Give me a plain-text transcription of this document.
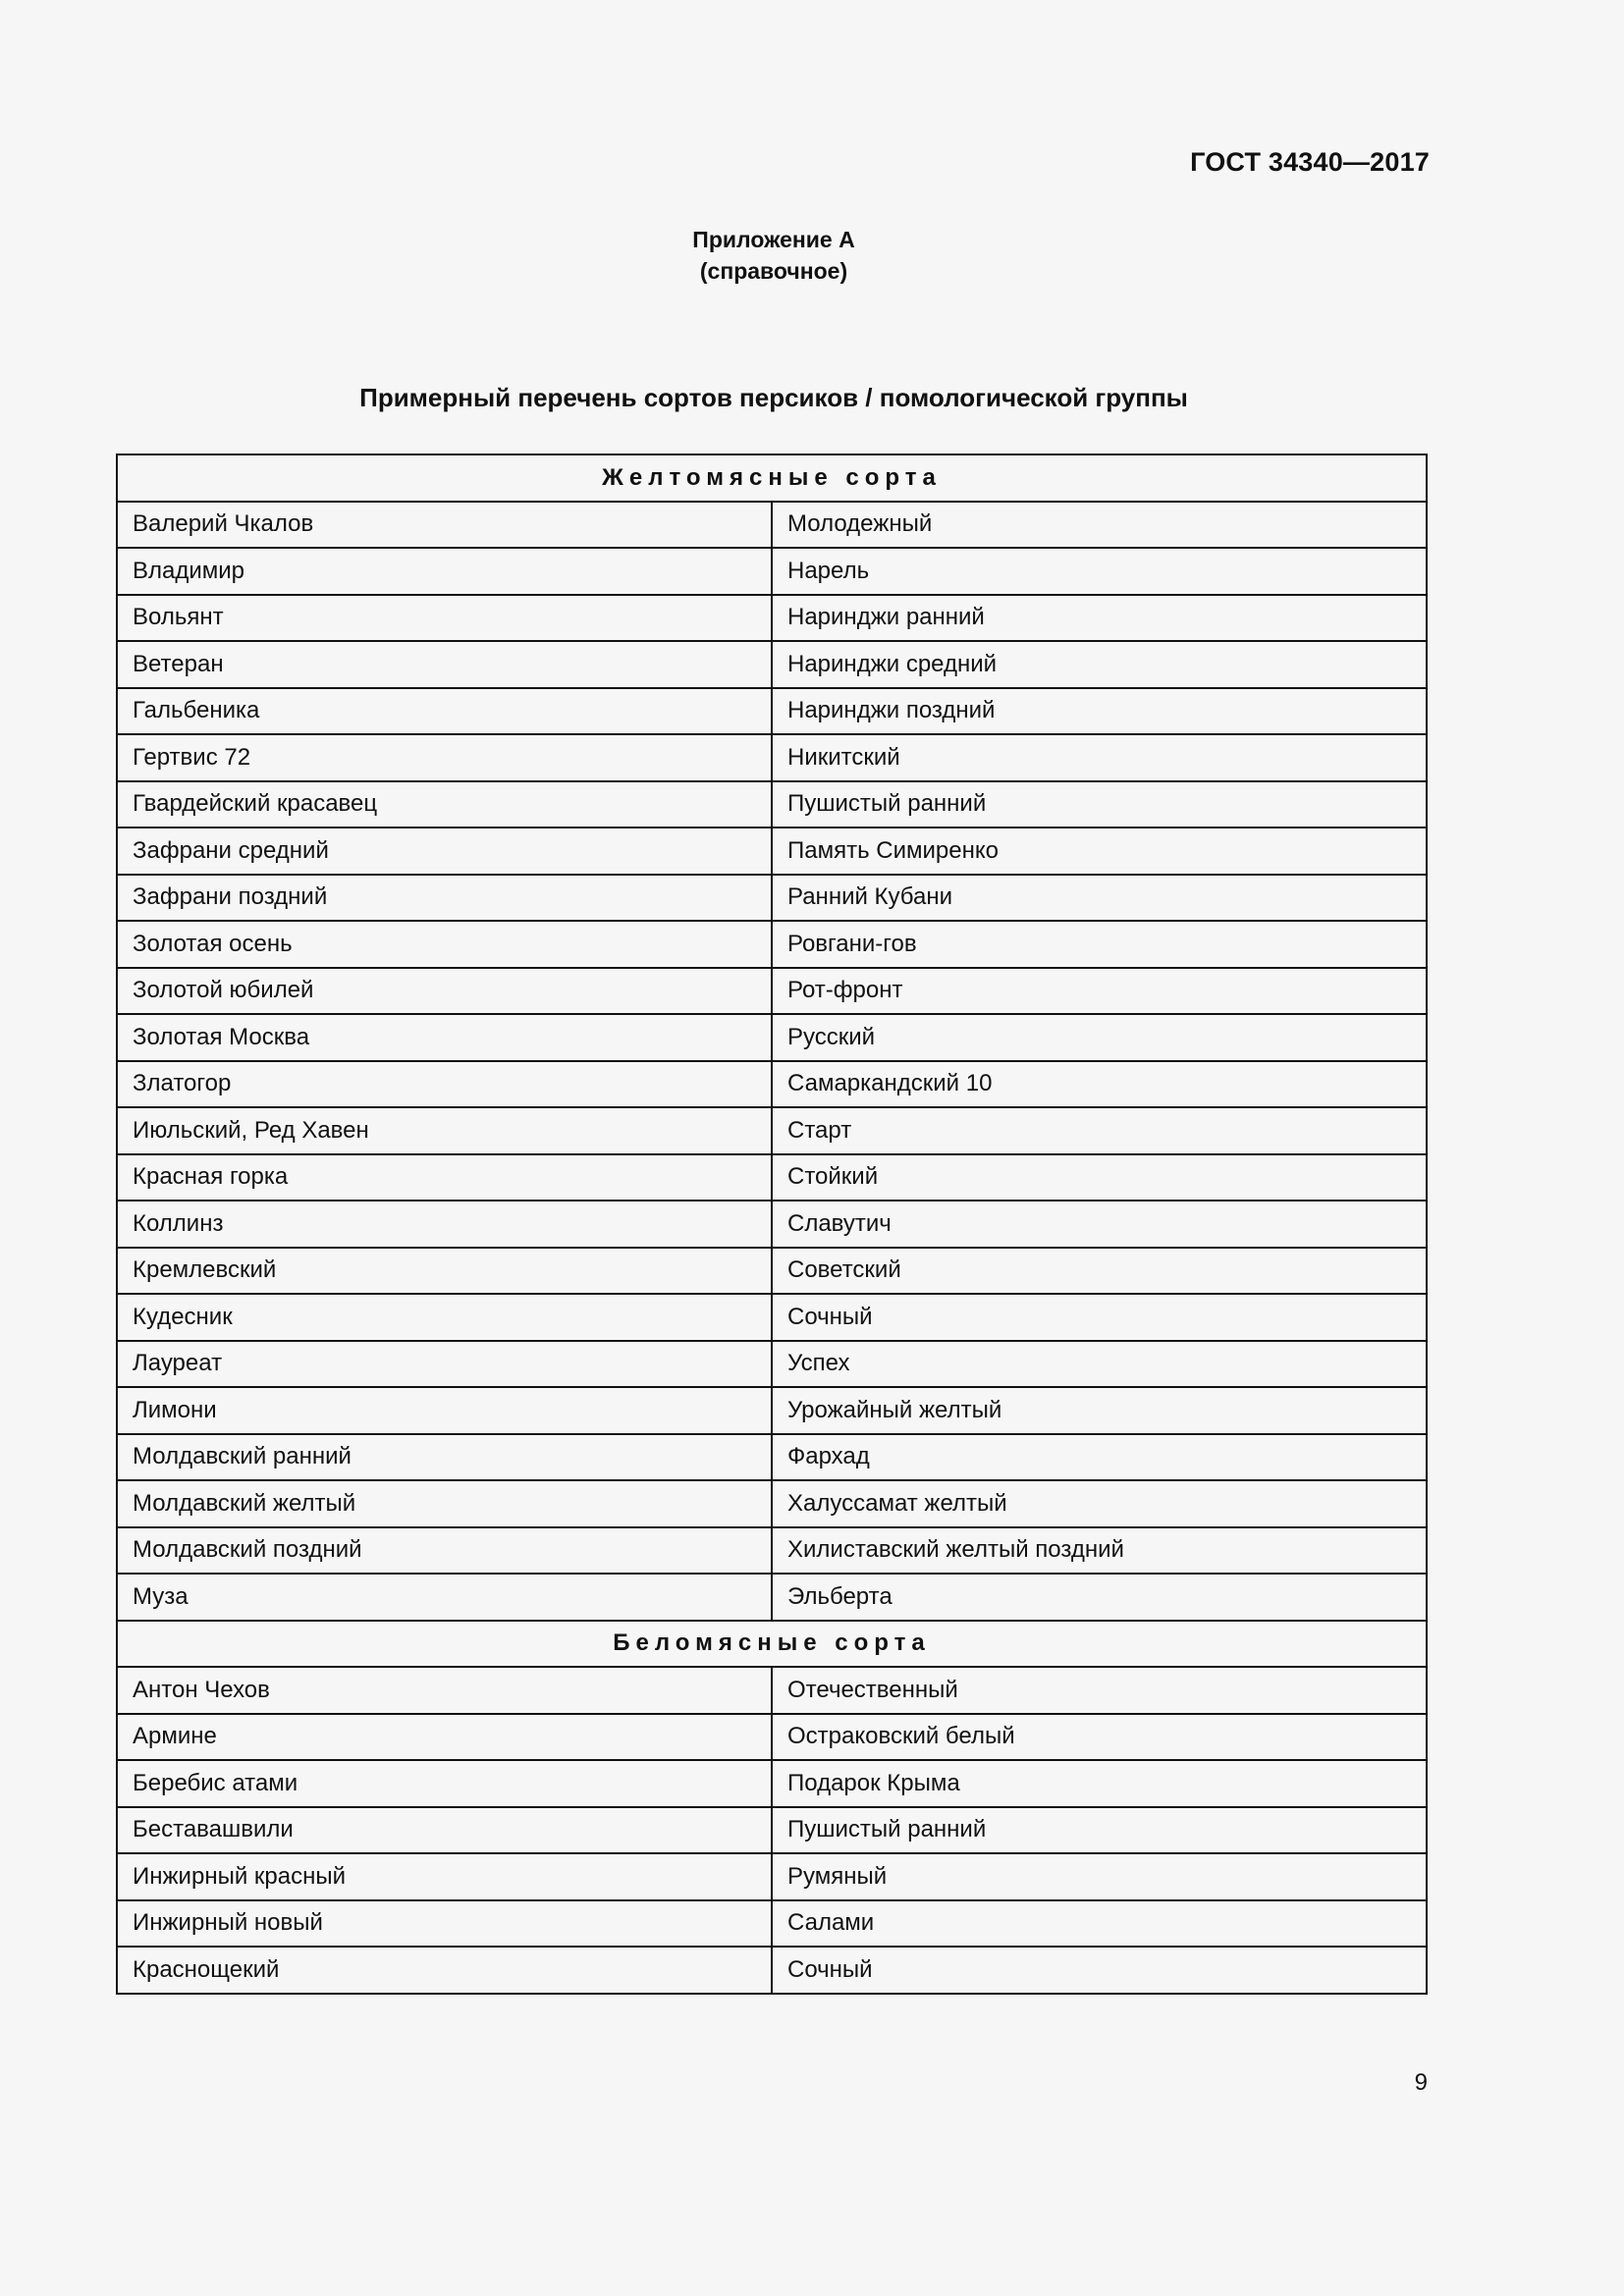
ГОСТ 34340—2017
Приложение А
(справочное)
Примерный перечень сортов персиков / помологической группы
Желтомясные сорта	
Валерий Чкалов	Молодежный
Владимир	Нарель
Вольянт	Наринджи ранний
Ветеран	Наринджи средний
Гальбеника	Наринджи поздний
Гертвис 72	Никитский
Гвардейский красавец	Пушистый ранний
Зафрани средний	Память Симиренко
Зафрани поздний	Ранний Кубани
Золотая осень	Ровгани-гов
Золотой юбилей	Рот-фронт
Золотая Москва	Русский
Златогор	Самаркандский 10
Июльский, Ред Хавен	Старт
Красная горка	Стойкий
Коллинз	Славутич
Кремлевский	Советский
Кудесник	Сочный
Лауреат	Успех
Лимони	Урожайный желтый
Молдавский ранний	Фархад
Молдавский желтый	Халуссамат желтый
Молдавский поздний	Хилиставский желтый поздний
Муза	Эльберта
Беломясные сорта	
Антон Чехов	Отечественный
Армине	Остраковский белый
Беребис атами	Подарок Крыма
Беставашвили	Пушистый ранний
Инжирный красный	Румяный
Инжирный новый	Салами
Краснощекий	Сочный
9
